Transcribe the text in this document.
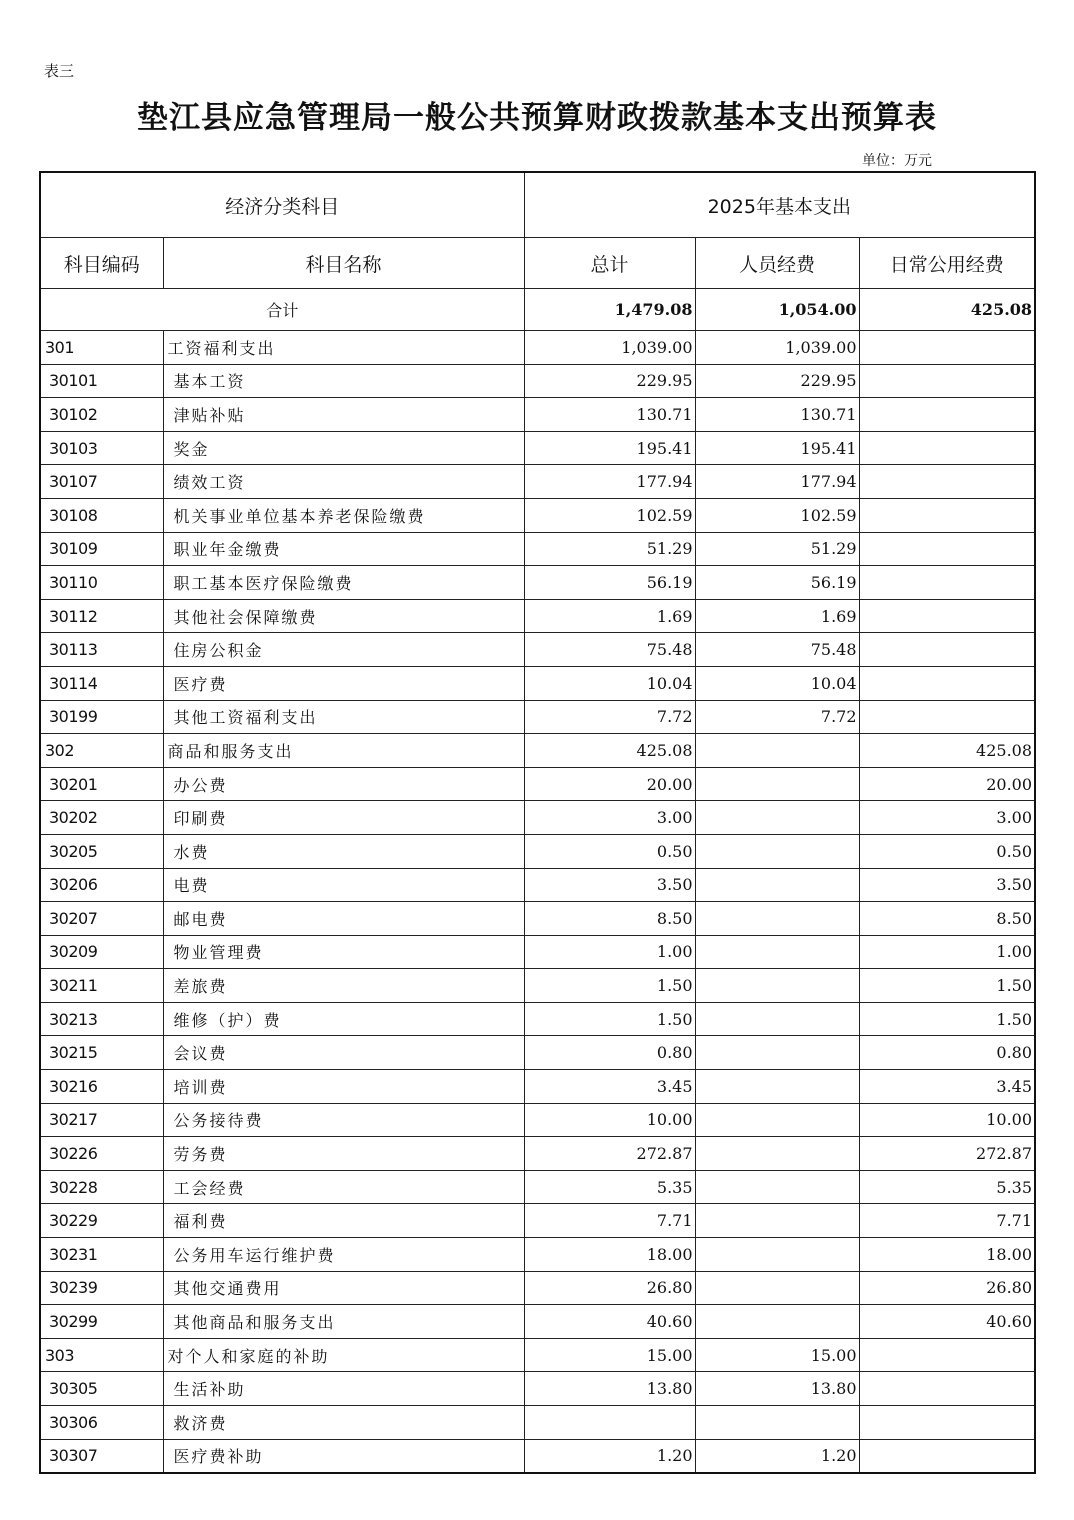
表三
垫江县应急管理局一般公共预算财政拨款基本支出预算表
单位：万元
经济分类科目		2025年基本支出		
科目编码	科目名称	总计	人员经费	日常公用经费
合计		1,479.08	1,054.00	425.08
301	工资福利支出	1,039.00	1,039.00	
30101	基本工资	229.95	229.95	
30102	津贴补贴	130.71	130.71	
30103	奖金	195.41	195.41	
30107	绩效工资	177.94	177.94	
30108	机关事业单位基本养老保险缴费	102.59	102.59	
30109	职业年金缴费	51.29	51.29	
30110	职工基本医疗保险缴费	56.19	56.19	
30112	其他社会保障缴费	1.69	1.69	
30113	住房公积金	75.48	75.48	
30114	医疗费	10.04	10.04	
30199	其他工资福利支出	7.72	7.72	
302	商品和服务支出	425.08		425.08
30201	办公费	20.00		20.00
30202	印刷费	3.00		3.00
30205	水费	0.50		0.50
30206	电费	3.50		3.50
30207	邮电费	8.50		8.50
30209	物业管理费	1.00		1.00
30211	差旅费	1.50		1.50
30213	维修（护）费	1.50		1.50
30215	会议费	0.80		0.80
30216	培训费	3.45		3.45
30217	公务接待费	10.00		10.00
30226	劳务费	272.87		272.87
30228	工会经费	5.35		5.35
30229	福利费	7.71		7.71
30231	公务用车运行维护费	18.00		18.00
30239	其他交通费用	26.80		26.80
30299	其他商品和服务支出	40.60		40.60
303	对个人和家庭的补助	15.00	15.00	
30305	生活补助	13.80	13.80	
30306	救济费			
30307	医疗费补助	1.20	1.20	
